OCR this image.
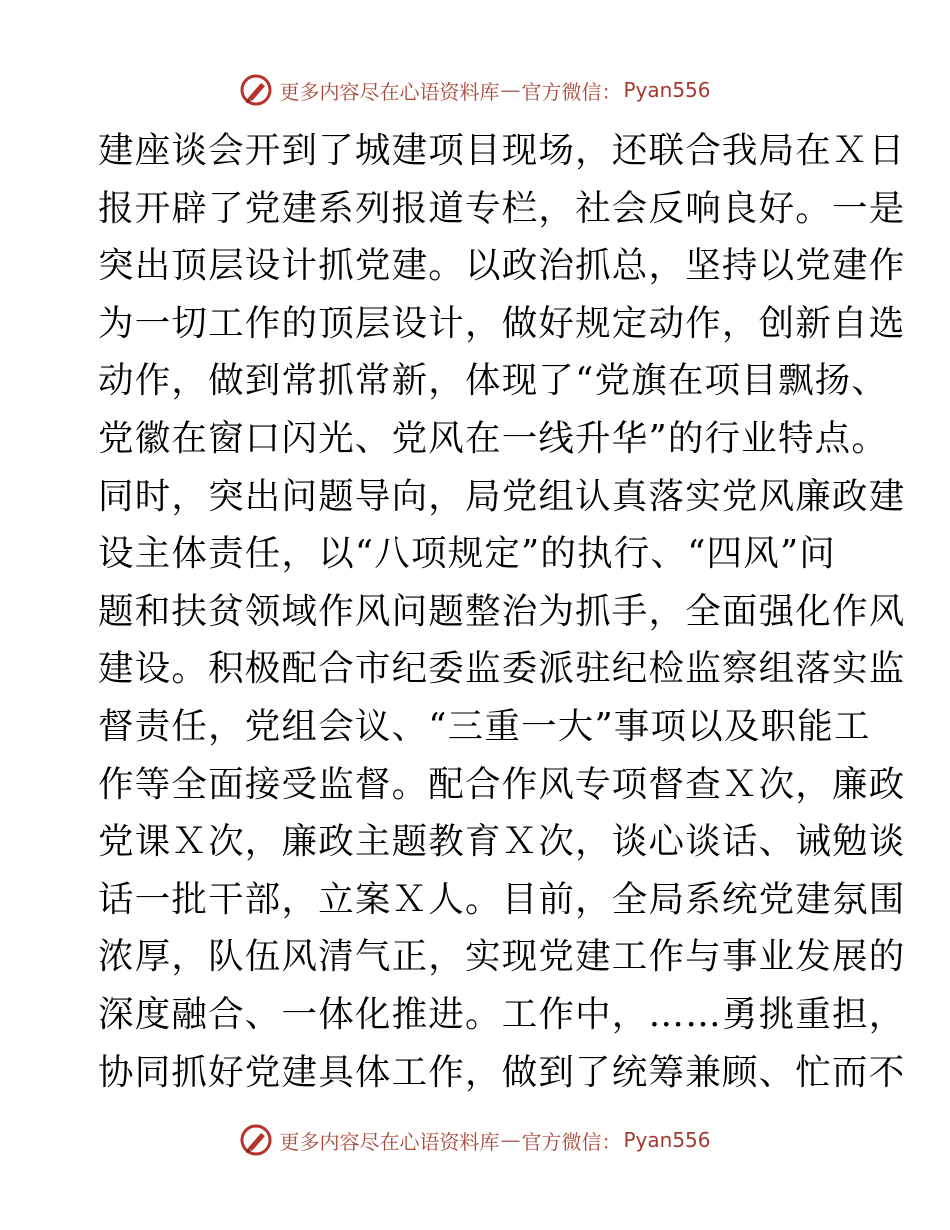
更多内容尽在心语资料库 — 官方微信： Pyan556
建座谈会开到了城建项目现场，还联合我局在Ｘ日
报开辟了党建系列报道专栏，社会反响良好。一是
突出顶层设计抓党建。以政治抓总，坚持以党建作
为一切工作的顶层设计，做好规定动作，创新自选
动作，做到常抓常新，体现了“党旗在项目飘扬、
党徽在窗口闪光、党风在一线升华”的行业特点。
同时，突出问题导向，局党组认真落实党风廉政建
设主体责任，以“八项规定”的执行、“四风”问
题和扶贫领域作风问题整治为抓手，全面强化作风
建设。积极配合市纪委监委派驻纪检监察组落实监
督责任，党组会议、“三重一大”事项以及职能工
作等全面接受监督。配合作风专项督查Ｘ次，廉政
党课Ｘ次，廉政主题教育Ｘ次，谈心谈话、诫勉谈
话一批干部，立案Ｘ人。目前，全局系统党建氛围
浓厚，队伍风清气正，实现党建工作与事业发展的
深度融合、一体化推进。工作中，……勇挑重担，
协同抓好党建具体工作，做到了统筹兼顾、忙而不
更多内容尽在心语资料库 — 官方微信： Pyan556
